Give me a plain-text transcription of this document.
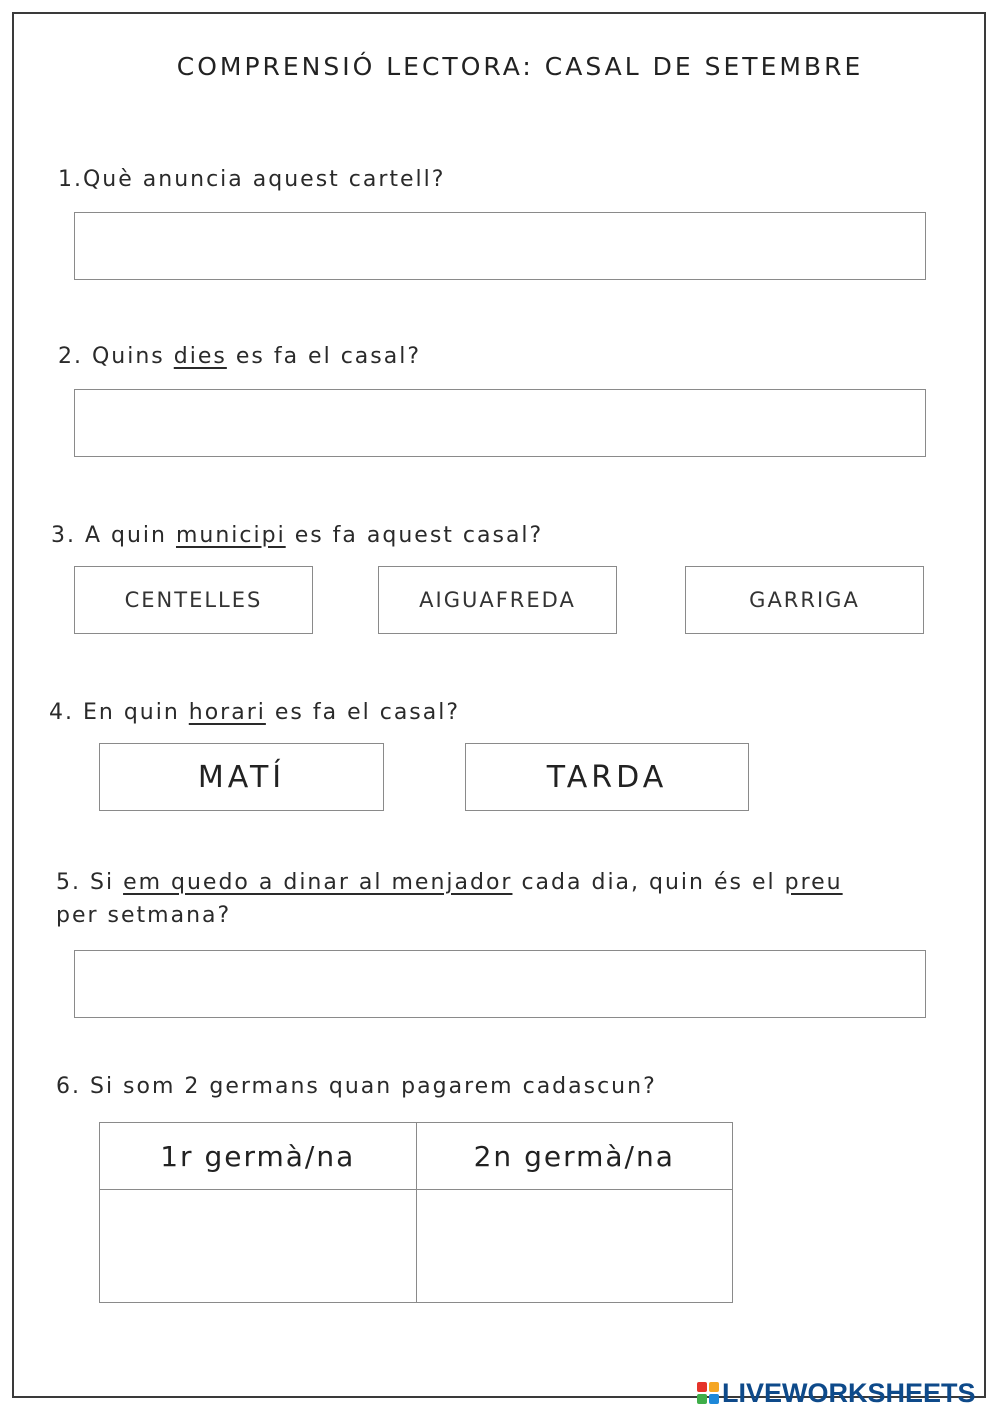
COMPRENSIÓ LECTORA: CASAL DE SETEMBRE
1.Què anuncia aquest cartell?
2. Quins dies es fa el casal?
3. A quin municipi es fa aquest casal?
CENTELLES	AIGUAFREDA	GARRIGA
4. En quin horari es fa el casal?
MATÍ	TARDA
5. Si em quedo a dinar al menjador cada dia, quin és el preu
per setmana?
6. Si som 2 germans quan pagarem cadascun?
1r germà/na	2n germà/na

LIVEWORKSHEETS
